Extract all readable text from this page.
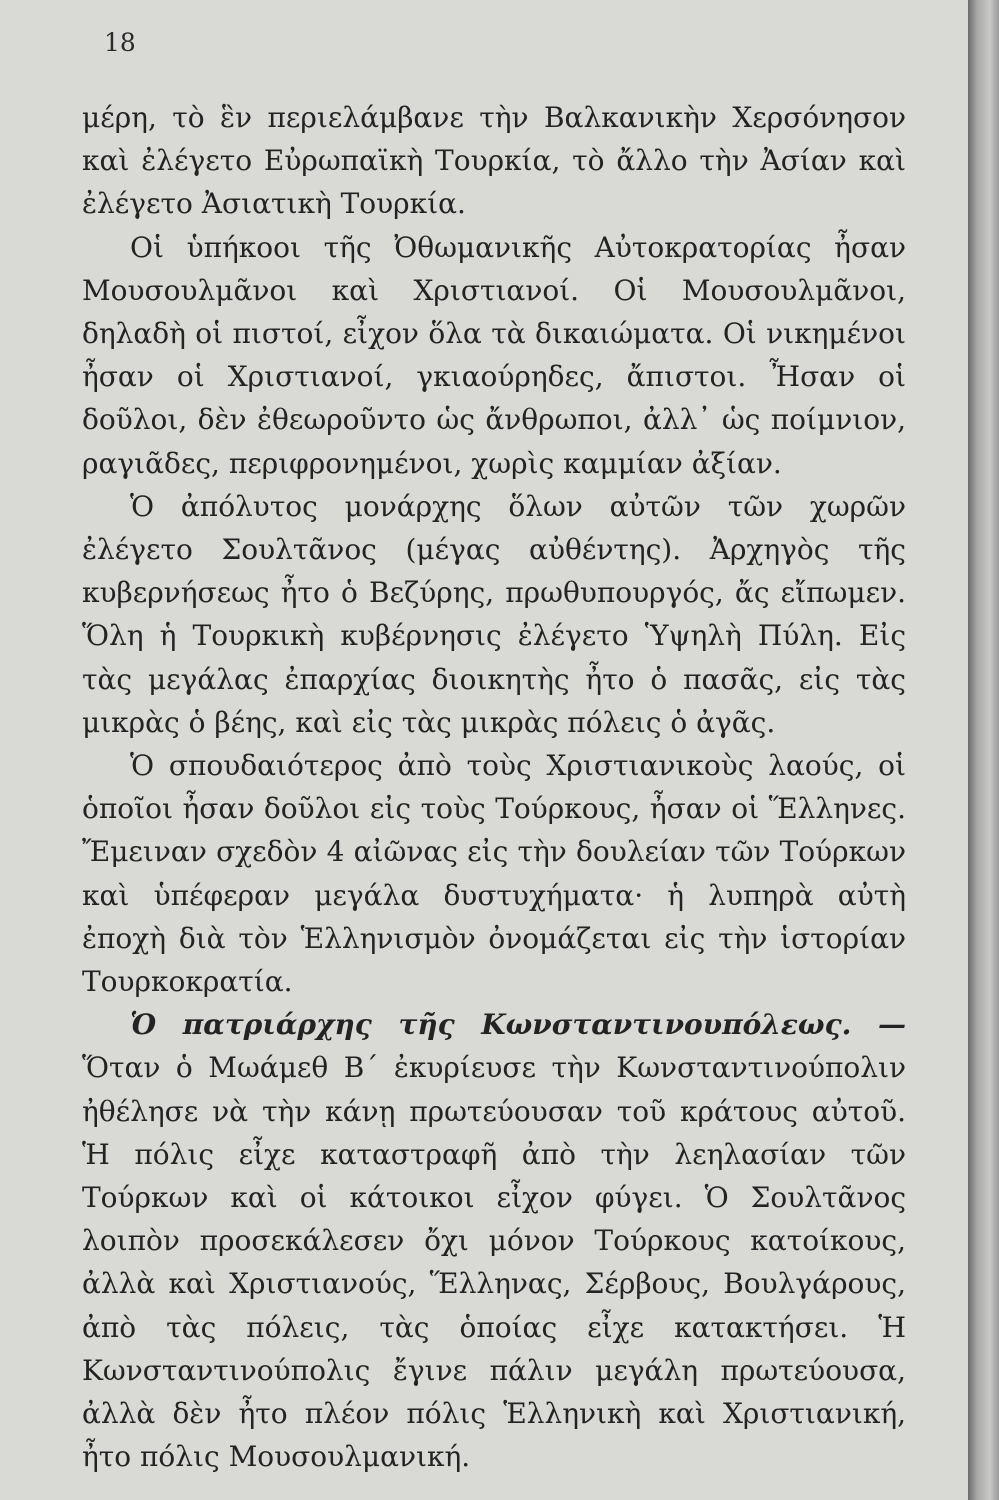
18

μέρη, τὸ ἓν περιελάμβανε τὴν Βαλκανικὴν Χερσόνησον καὶ ἐλέγετο Εὐρωπαϊκὴ Τουρκία, τὸ ἄλλο τὴν Ἀσίαν καὶ ἐλέγετο Ἀσιατικὴ Τουρκία.

Οἱ ὑπήκοοι τῆς Ὀθωμανικῆς Αὐτοκρατορίας ἦσαν Μουσουλμᾶνοι καὶ Χριστιανοί. Οἱ Μουσουλμᾶνοι, δηλαδὴ οἱ πιστοί, εἶχον ὅλα τὰ δικαιώματα. Οἱ νικημένοι ἦσαν οἱ Χριστιανοί, γκιαούρηδες, ἄπιστοι. Ἦσαν οἱ δοῦλοι, δὲν ἐθεωροῦντο ὡς ἄνθρωποι, ἀλλ᾽ ὡς ποίμνιον, ραγιᾶδες, περιφρονημένοι, χωρὶς καμμίαν ἀξίαν.

Ὁ ἀπόλυτος μονάρχης ὅλων αὐτῶν τῶν χωρῶν ἐλέγετο Σουλτᾶνος (μέγας αὐθέντης). Ἀρχηγὸς τῆς κυβερνήσεως ἦτο ὁ Βεζύρης, πρωθυπουργός, ἄς εἴπωμεν. Ὅλη ἡ Τουρκικὴ κυβέρνησις ἐλέγετο Ὑψηλὴ Πύλη. Εἰς τὰς μεγάλας ἐπαρχίας διοικητὴς ἦτο ὁ πασᾶς, εἰς τὰς μικρὰς ὁ βέης, καὶ εἰς τὰς μικρὰς πόλεις ὁ ἀγᾶς.

Ὁ σπουδαιότερος ἀπὸ τοὺς Χριστιανικοὺς λαούς, οἱ ὁποῖοι ἦσαν δοῦλοι εἰς τοὺς Τούρκους, ἦσαν οἱ Ἕλληνες. Ἔμειναν σχεδὸν 4 αἰῶνας εἰς τὴν δουλείαν τῶν Τούρκων καὶ ὑπέφεραν μεγάλα δυστυχήματα· ἡ λυπηρὰ αὐτὴ ἐποχὴ διὰ τὸν Ἑλληνισμὸν ὀνομάζεται εἰς τὴν ἱστορίαν Τουρκοκρατία.

Ὁ πατριάρχης τῆς Κωνσταντινουπόλεως. — Ὅταν ὁ Μωάμεθ Β΄ ἐκυρίευσε τὴν Κωνσταντινούπολιν ἠθέλησε νὰ τὴν κάνῃ πρωτεύουσαν τοῦ κράτους αὐτοῦ. Ἡ πόλις εἶχε καταστραφῆ ἀπὸ τὴν λεηλασίαν τῶν Τούρκων καὶ οἱ κάτοικοι εἶχον φύγει. Ὁ Σουλτᾶνος λοιπὸν προσεκάλεσεν ὄχι μόνον Τούρκους κατοίκους, ἀλλὰ καὶ Χριστιανούς, Ἕλληνας, Σέρβους, Βουλγάρους, ἀπὸ τὰς πόλεις, τὰς ὁποίας εἶχε κατακτήσει. Ἡ Κωνσταντινούπολις ἔγινε πάλιν μεγάλη πρωτεύουσα, ἀλλὰ δὲν ἦτο πλέον πόλις Ἑλληνικὴ καὶ Χριστιανική, ἦτο πόλις Μουσουλμανική.
